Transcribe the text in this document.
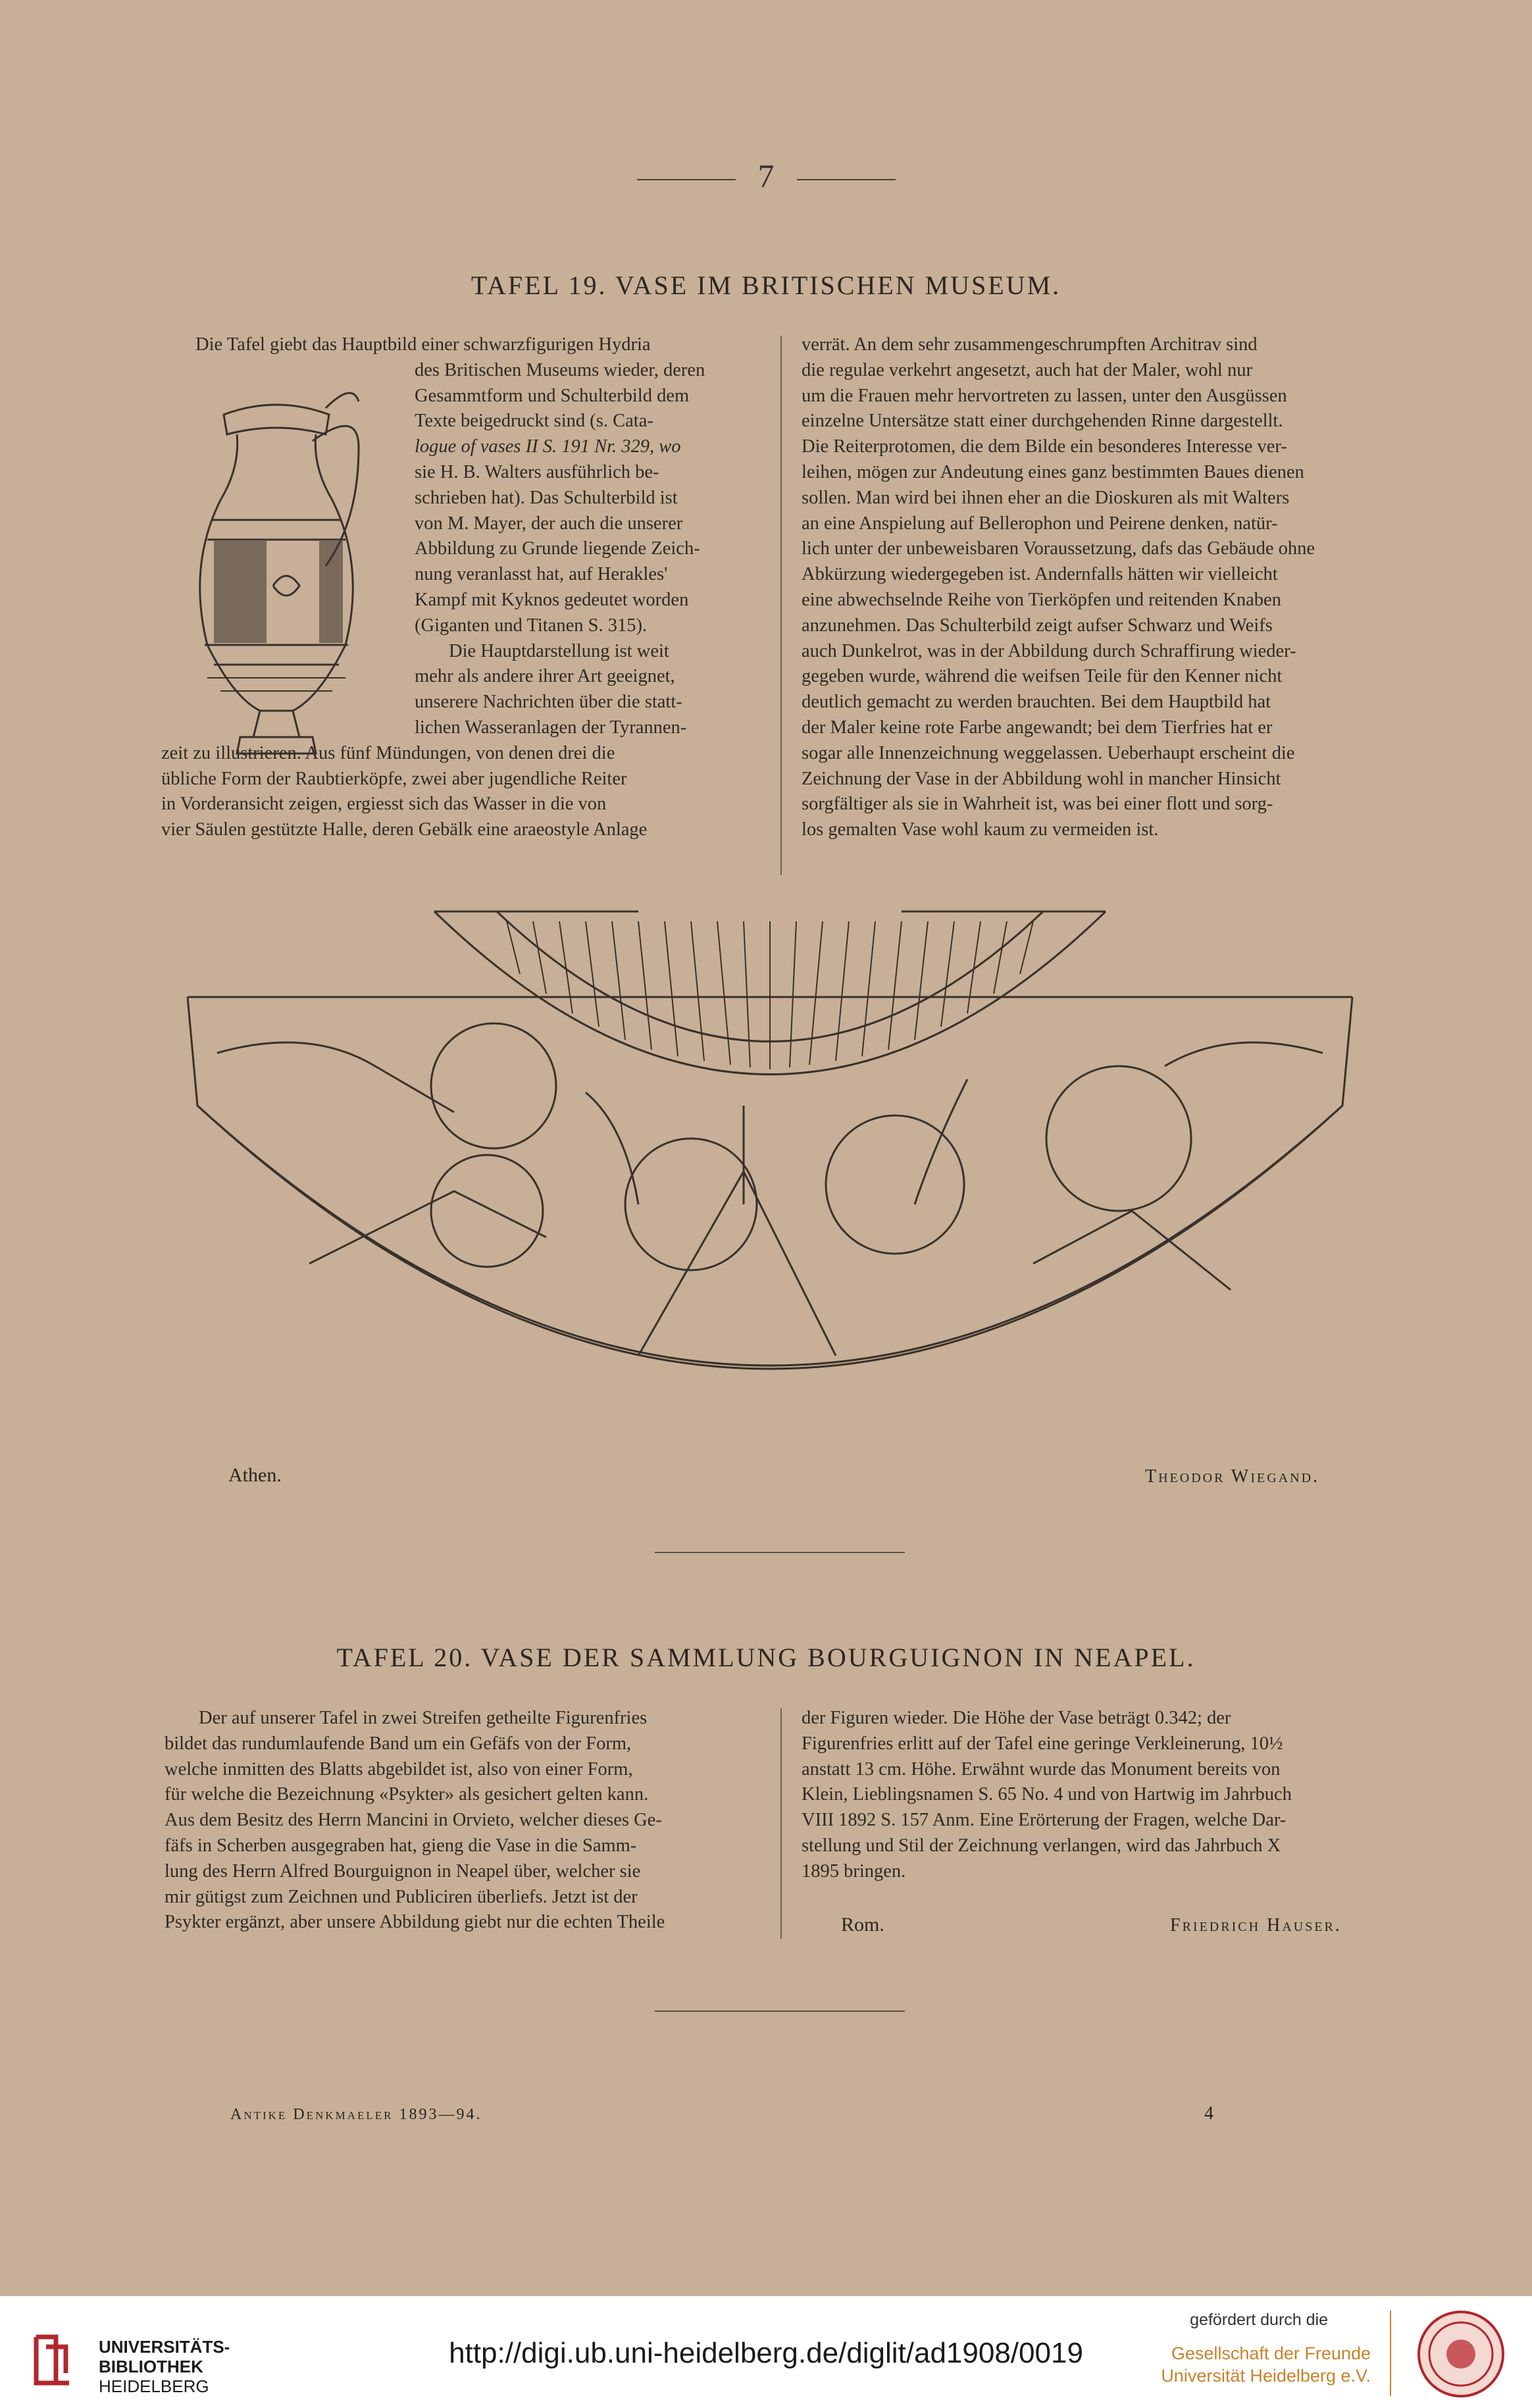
7
TAFEL 19. VASE IM BRITISCHEN MUSEUM.
Die Tafel giebt das Hauptbild einer schwarzfigurigen Hydria
des Britischen Museums wieder, deren
Gesammtform und Schulterbild dem
Texte beigedruckt sind (s. Cata-
logue of vases II S. 191 Nr. 329, wo
sie H. B. Walters ausführlich be-
schrieben hat). Das Schulterbild ist
von M. Mayer, der auch die unserer
Abbildung zu Grunde liegende Zeich-
nung veranlasst hat, auf Herakles'
Kampf mit Kyknos gedeutet worden
(Giganten und Titanen S. 315).
Die Hauptdarstellung ist weit
mehr als andere ihrer Art geeignet,
unserere Nachrichten über die statt-
lichen Wasseranlagen der Tyrannen-
zeit zu illustrieren. Aus fünf Mündungen, von denen drei die
übliche Form der Raubtierköpfe, zwei aber jugendliche Reiter
in Vorderansicht zeigen, ergiesst sich das Wasser in die von
vier Säulen gestützte Halle, deren Gebälk eine araeostyle Anlage
verrät. An dem sehr zusammengeschrumpften Architrav sind
die regulae verkehrt angesetzt, auch hat der Maler, wohl nur
um die Frauen mehr hervortreten zu lassen, unter den Ausgüssen
einzelne Untersätze statt einer durchgehenden Rinne dargestellt.
Die Reiterprotomen, die dem Bilde ein besonderes Interesse ver-
leihen, mögen zur Andeutung eines ganz bestimmten Baues dienen
sollen. Man wird bei ihnen eher an die Dioskuren als mit Walters
an eine Anspielung auf Bellerophon und Peirene denken, natür-
lich unter der unbeweisbaren Voraussetzung, dafs das Gebäude ohne
Abkürzung wiedergegeben ist. Andernfalls hätten wir vielleicht
eine abwechselnde Reihe von Tierköpfen und reitenden Knaben
anzunehmen. Das Schulterbild zeigt aufser Schwarz und Weifs
auch Dunkelrot, was in der Abbildung durch Schraffirung wieder-
gegeben wurde, während die weifsen Teile für den Kenner nicht
deutlich gemacht zu werden brauchten. Bei dem Hauptbild hat
der Maler keine rote Farbe angewandt; bei dem Tierfries hat er
sogar alle Innenzeichnung weggelassen. Ueberhaupt erscheint die
Zeichnung der Vase in der Abbildung wohl in mancher Hinsicht
sorgfältiger als sie in Wahrheit ist, was bei einer flott und sorg-
los gemalten Vase wohl kaum zu vermeiden ist.
Athen.	Theodor Wiegand.
TAFEL 20. VASE DER SAMMLUNG BOURGUIGNON IN NEAPEL.
Der auf unserer Tafel in zwei Streifen getheilte Figurenfries
bildet das rundumlaufende Band um ein Gefäfs von der Form,
welche inmitten des Blatts abgebildet ist, also von einer Form,
für welche die Bezeichnung «Psykter» als gesichert gelten kann.
Aus dem Besitz des Herrn Mancini in Orvieto, welcher dieses Ge-
fäfs in Scherben ausgegraben hat, gieng die Vase in die Samm-
lung des Herrn Alfred Bourguignon in Neapel über, welcher sie
mir gütigst zum Zeichnen und Publiciren überliefs. Jetzt ist der
Psykter ergänzt, aber unsere Abbildung giebt nur die echten Theile
der Figuren wieder. Die Höhe der Vase beträgt 0.342; der
Figurenfries erlitt auf der Tafel eine geringe Verkleinerung, 10½
anstatt 13 cm. Höhe. Erwähnt wurde das Monument bereits von
Klein, Lieblingsnamen S. 65 No. 4 und von Hartwig im Jahrbuch
VIII 1892 S. 157 Anm. Eine Erörterung der Fragen, welche Dar-
stellung und Stil der Zeichnung verlangen, wird das Jahrbuch X
1895 bringen.
Rom.	Friedrich Hauser.
Antike Denkmaeler 1893—94.	4
UNIVERSITÄTS-
BIBLIOTHEK
HEIDELBERG
http://digi.ub.uni-heidelberg.de/diglit/ad1908/0019
gefördert durch die
Gesellschaft der Freunde
Universität Heidelberg e.V.
